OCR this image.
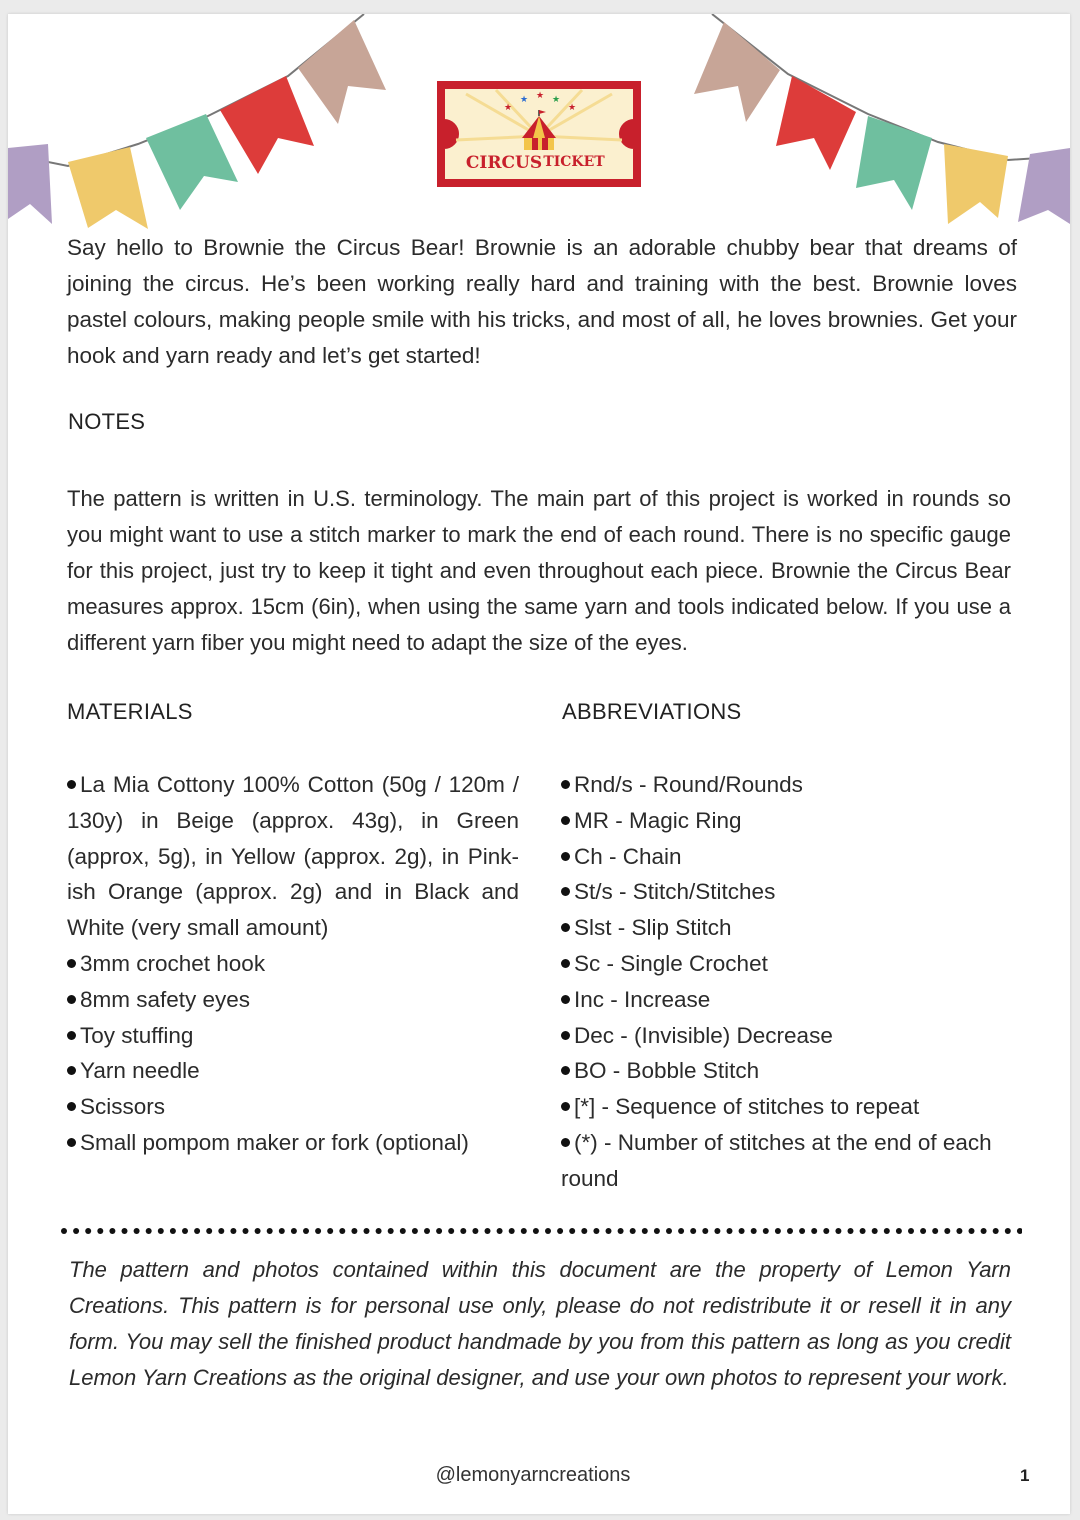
★
★ ★ ★
★
CIRCUS TICKET
Say hello to Brownie the Circus Bear! Brownie is an adorable chubby bear that dreams of joining the circus. He’s been working really hard and training with the best. Brownie loves pastel colours, making people smile with his tricks, and most of all, he loves brownies. Get your hook and yarn ready and let’s get started!
NOTES
The pattern is written in U.S. terminology. The main part of this project is worked in rounds so you might want to use a stitch marker to mark the end of each round. There is no specific gauge for this project, just try to keep it tight and even throughout each piece. Brownie the Circus Bear measures approx. 15cm (6in), when using the same yarn and tools indicated below. If you use a different yarn fiber you might need to adapt the size of the eyes.
MATERIALS
La Mia Cottony 100% Cotton (50g / 120m / 130y) in Beige (approx. 43g), in Green (approx, 5g), in Yellow (approx. 2g), in Pinkish Orange (approx. 2g) and in Black and White (very small amount)
3mm crochet hook
8mm safety eyes
Toy stuffing
Yarn needle
Scissors
Small pompom maker or fork (optional)
ABBREVIATIONS
Rnd/s - Round/Rounds
MR - Magic Ring
Ch - Chain
St/s - Stitch/Stitches
Slst - Slip Stitch
Sc - Single Crochet
Inc - Increase
Dec - (Invisible) Decrease
BO - Bobble Stitch
[*] - Sequence of stitches to repeat
(*) - Number of stitches at the end of each round
The pattern and photos contained within this document are the property of Lemon Yarn Creations. This pattern is for personal use only, please do not redistribute it or resell it in any form. You may sell the finished product handmade by you from this pattern as long as you credit Lemon Yarn Creations as the original designer, and use your own photos to represent your work.
@lemonyarncreations	1
